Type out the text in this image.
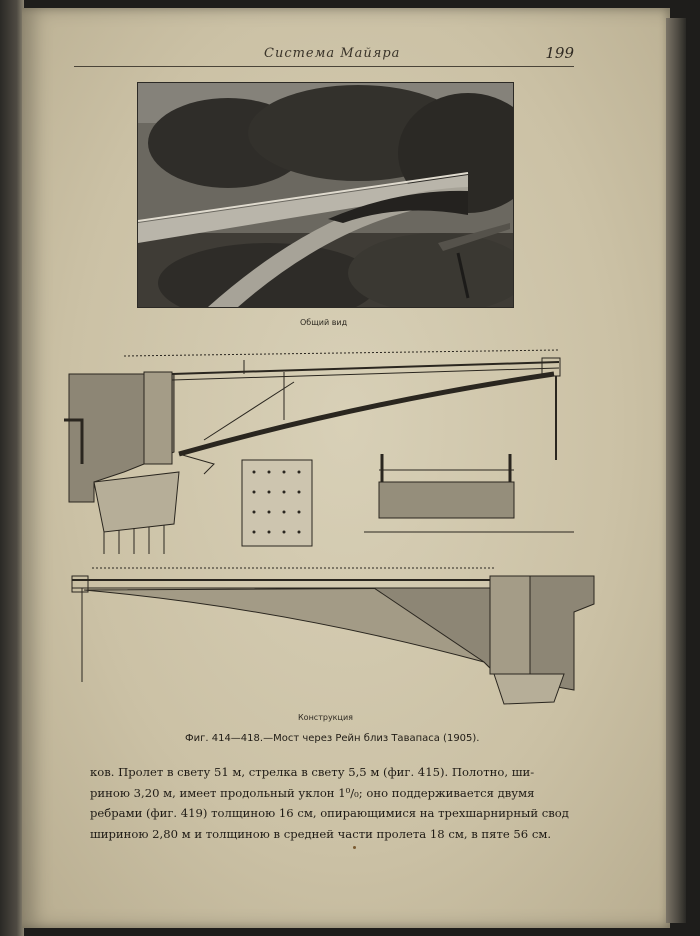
Система Майяра	199
Общий вид
Конструкция
Фиг. 414—418.—Мост через Рейн близ Тавапаса (1905).
ков. Пролет в свету 51 м, стрелка в свету 5,5 м (фиг. 415). Полотно, ши-
риною 3,20 м, имеет продольный уклон 1⁰/₀; оно поддерживается двумя
ребрами (фиг. 419) толщиною 16 см, опирающимися на трехшарнирный свод
шириною 2,80 м и толщиною в средней части пролета 18 см, в пяте 56 см.
